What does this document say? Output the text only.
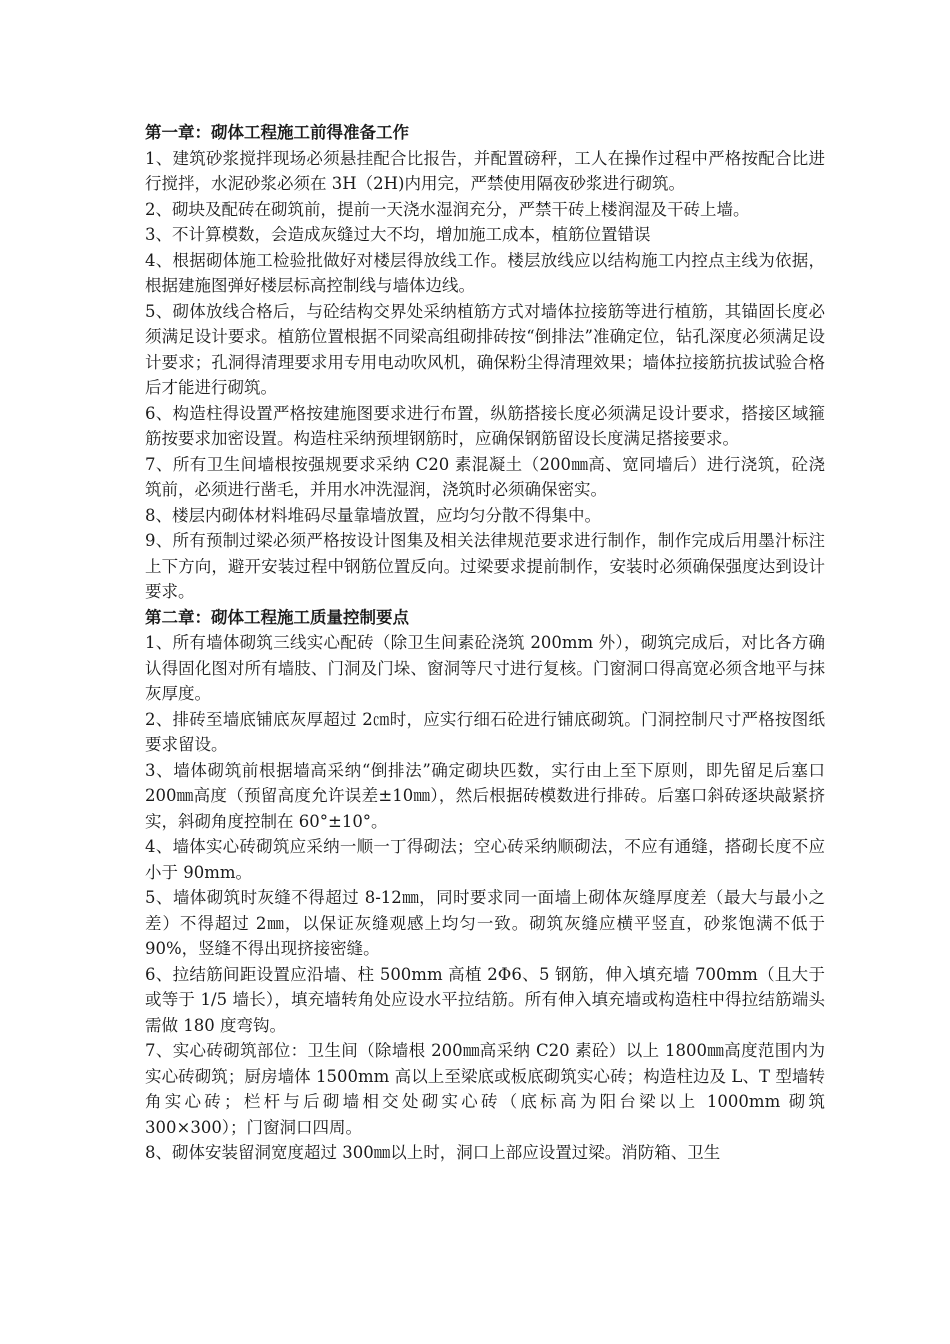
第一章：砌体工程施工前得准备工作

1、建筑砂浆搅拌现场必须悬挂配合比报告，并配置磅秤，工人在操作过程中严格按配合比进行搅拌，水泥砂浆必须在 3H（2H)内用完，严禁使用隔夜砂浆进行砌筑。

2、砌块及配砖在砌筑前，提前一天浇水湿润充分，严禁干砖上楼润湿及干砖上墙。

3、不计算模数，会造成灰缝过大不均，增加施工成本，植筋位置错误

4、根据砌体施工检验批做好对楼层得放线工作。楼层放线应以结构施工内控点主线为依据，根据建施图弹好楼层标高控制线与墙体边线。

5、砌体放线合格后，与砼结构交界处采纳植筋方式对墙体拉接筋等进行植筋，其锚固长度必须满足设计要求。植筋位置根据不同梁高组砌排砖按“倒排法”准确定位，钻孔深度必须满足设计要求；孔洞得清理要求用专用电动吹风机，确保粉尘得清理效果；墙体拉接筋抗拔试验合格后才能进行砌筑。

6、构造柱得设置严格按建施图要求进行布置，纵筋搭接长度必须满足设计要求，搭接区域箍筋按要求加密设置。构造柱采纳预埋钢筋时，应确保钢筋留设长度满足搭接要求。

7、所有卫生间墙根按强规要求采纳 C20 素混凝土（200㎜高、宽同墙后）进行浇筑，砼浇筑前，必须进行凿毛，并用水冲洗湿润，浇筑时必须确保密实。

8、楼层内砌体材料堆码尽量靠墙放置，应均匀分散不得集中。

9、所有预制过梁必须严格按设计图集及相关法律规范要求进行制作，制作完成后用墨汁标注上下方向，避开安装过程中钢筋位置反向。过梁要求提前制作，安装时必须确保强度达到设计要求。

第二章：砌体工程施工质量控制要点

1、所有墙体砌筑三线实心配砖（除卫生间素砼浇筑 200mm 外），砌筑完成后，对比各方确认得固化图对所有墙肢、门洞及门垛、窗洞等尺寸进行复核。门窗洞口得高宽必须含地平与抹灰厚度。

2、排砖至墙底铺底灰厚超过 2㎝时，应实行细石砼进行铺底砌筑。门洞控制尺寸严格按图纸要求留设。

3、墙体砌筑前根据墙高采纳“倒排法”确定砌块匹数，实行由上至下原则，即先留足后塞口 200㎜高度（预留高度允许误差±10㎜），然后根据砖模数进行排砖。后塞口斜砖逐块敲紧挤实，斜砌角度控制在 60°±10°。

4、墙体实心砖砌筑应采纳一顺一丁得砌法；空心砖采纳顺砌法，不应有通缝，搭砌长度不应小于 90mm。

5、墙体砌筑时灰缝不得超过 8-12㎜，同时要求同一面墙上砌体灰缝厚度差（最大与最小之差）不得超过 2㎜，以保证灰缝观感上均匀一致。砌筑灰缝应横平竖直，砂浆饱满不低于 90%，竖缝不得出现挤接密缝。

6、拉结筋间距设置应沿墙、柱 500mm 高植 2Φ6、5 钢筋，伸入填充墙 700mm（且大于或等于 1/5 墙长），填充墙转角处应设水平拉结筋。所有伸入填充墙或构造柱中得拉结筋端头需做 180 度弯钩。

7、实心砖砌筑部位：卫生间（除墙根 200㎜高采纳 C20 素砼）以上 1800㎜高度范围内为实心砖砌筑；厨房墙体 1500mm 高以上至梁底或板底砌筑实心砖；构造柱边及 L、T 型墙转角实心砖；栏杆与后砌墙相交处砌实心砖（底标高为阳台梁以上 1000mm 砌筑 300×300）；门窗洞口四周。

8、砌体安装留洞宽度超过 300㎜以上时，洞口上部应设置过梁。消防箱、卫生
